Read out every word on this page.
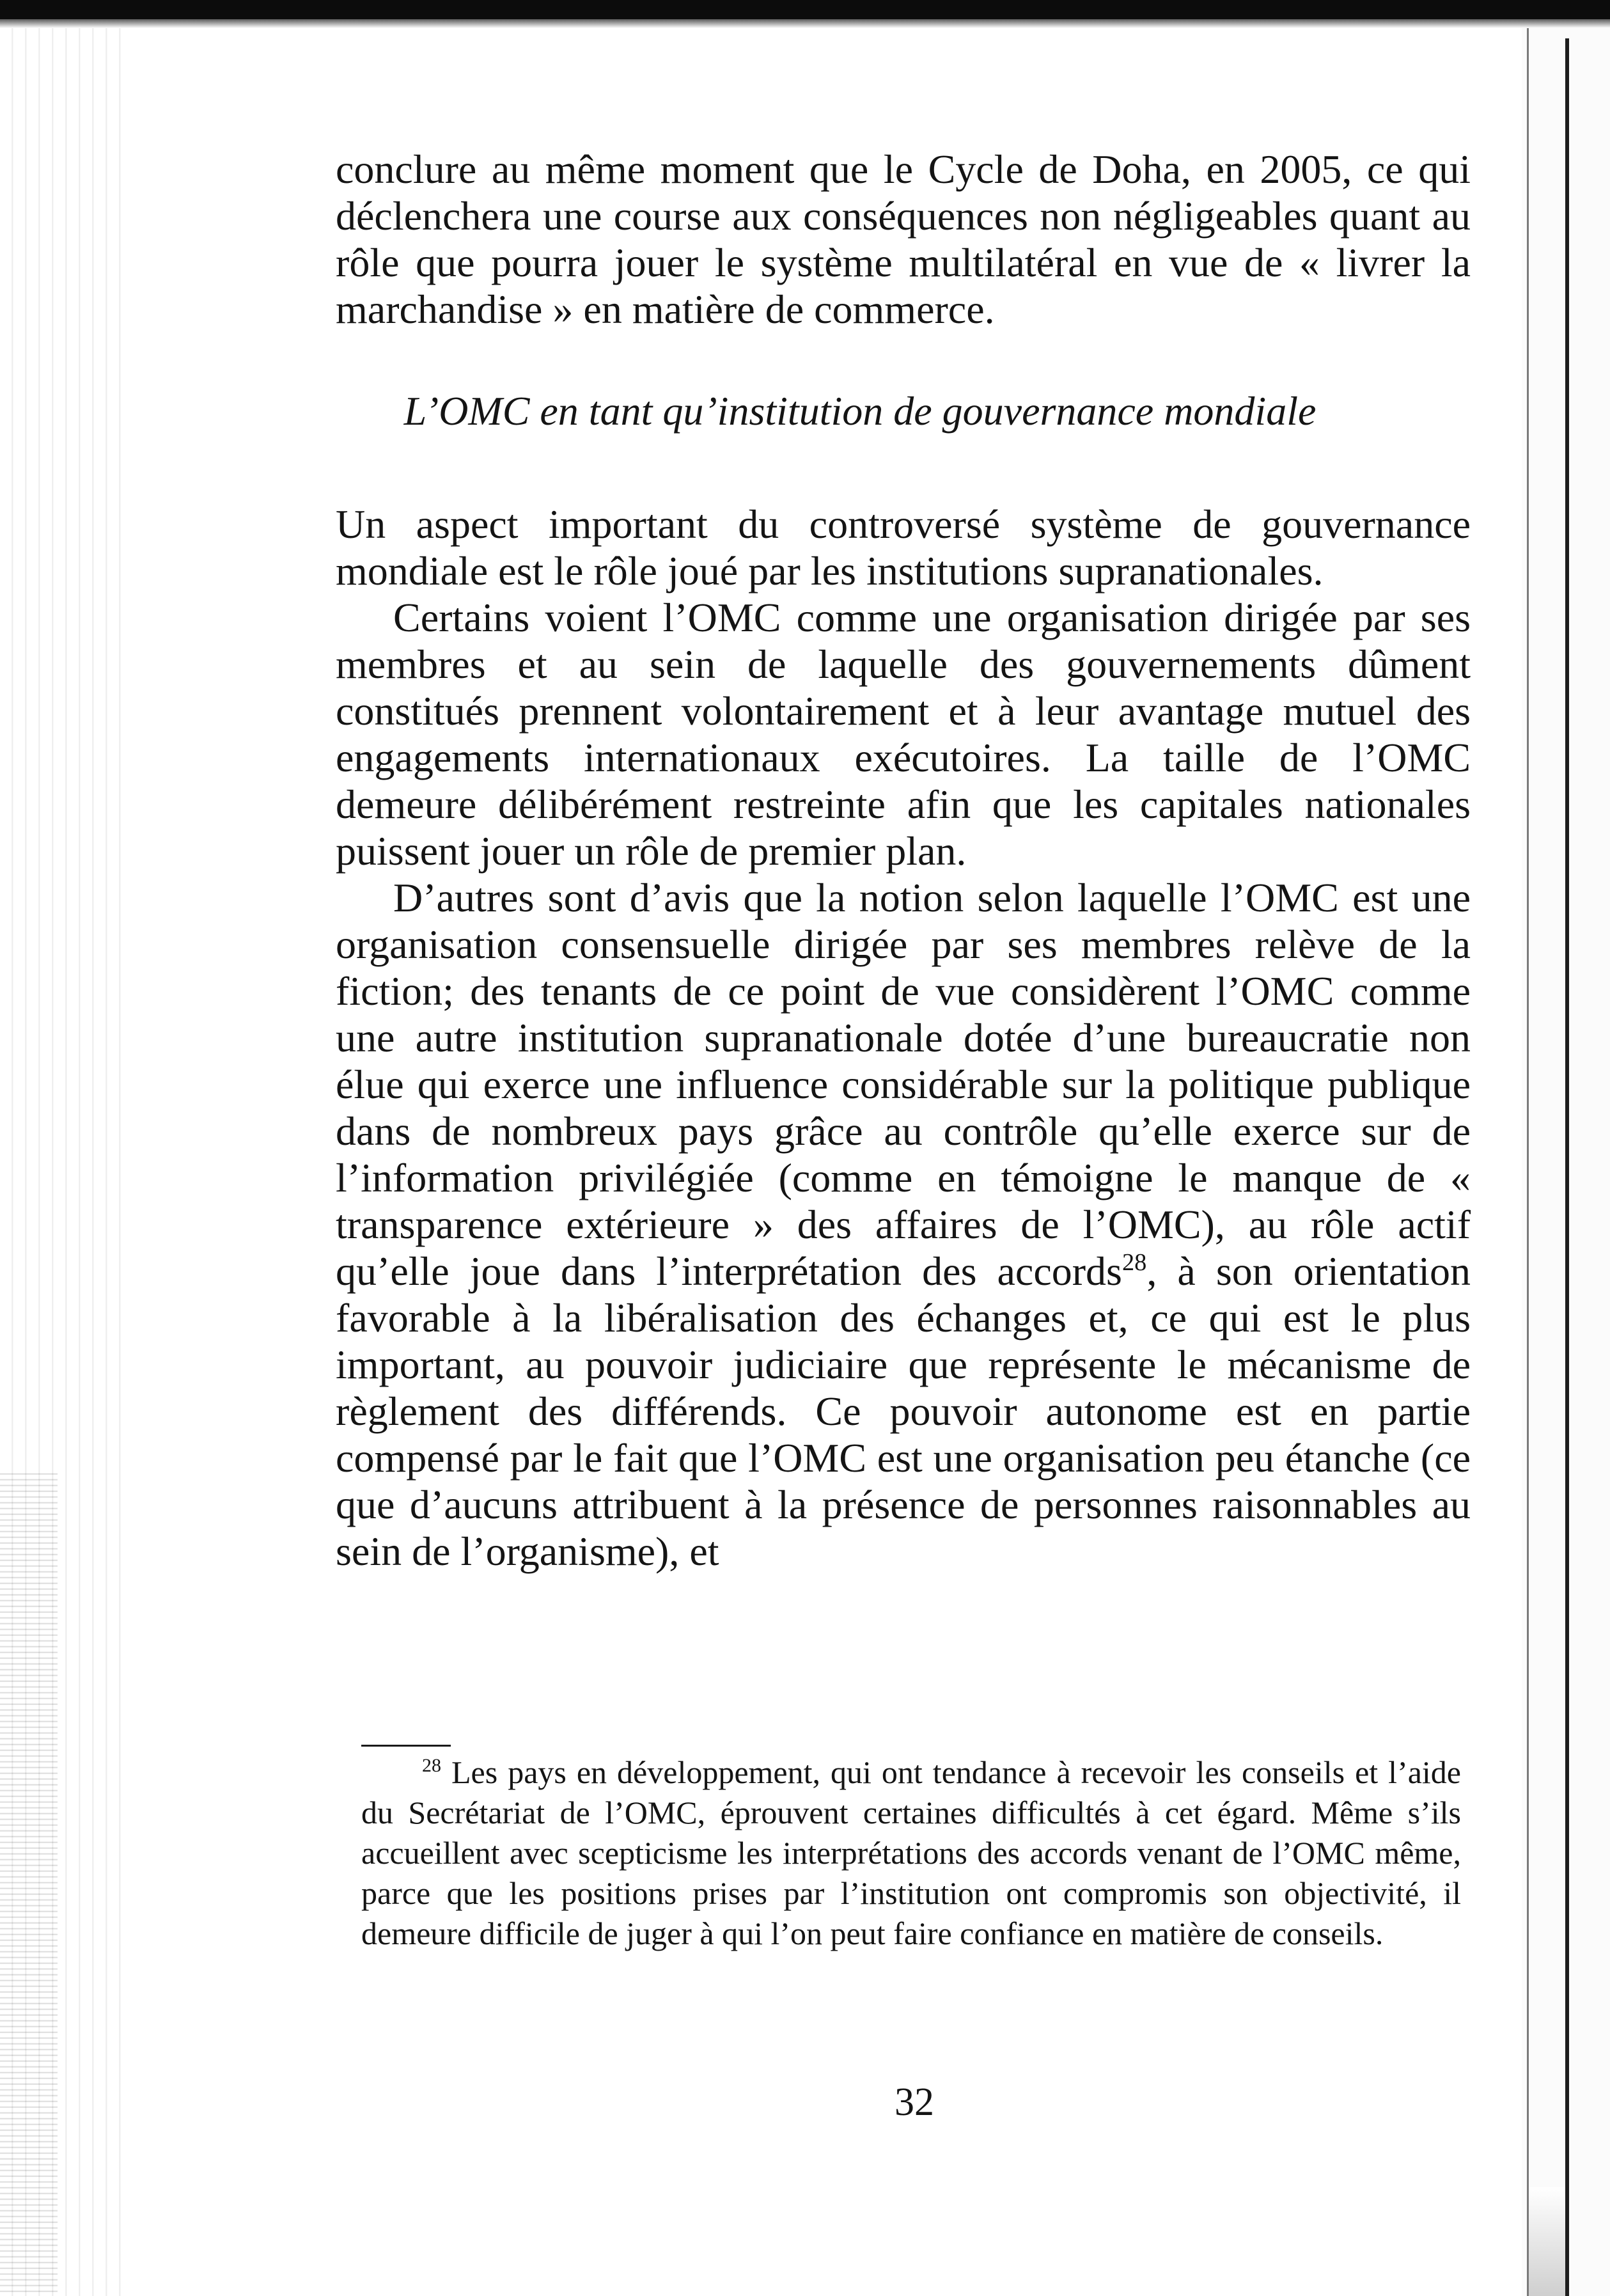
conclure au même moment que le Cycle de Doha, en 2005, ce qui déclenchera une course aux conséquences non négligeables quant au rôle que pourra jouer le système multilatéral en vue de « livrer la marchandise » en matière de commerce.

L’OMC en tant qu’institution de gouvernance mondiale

Un aspect important du controversé système de gouvernance mondiale est le rôle joué par les institutions supranationales.

Certains voient l’OMC comme une organisation dirigée par ses membres et au sein de laquelle des gouvernements dûment constitués prennent volontairement et à leur avantage mutuel des engagements internationaux exécutoires. La taille de l’OMC demeure délibérément restreinte afin que les capitales nationales puissent jouer un rôle de premier plan.

D’autres sont d’avis que la notion selon laquelle l’OMC est une organisation consensuelle dirigée par ses membres relève de la fiction; des tenants de ce point de vue considèrent l’OMC comme une autre institution supranationale dotée d’une bureaucratie non élue qui exerce une influence considérable sur la politique publique dans de nombreux pays grâce au contrôle qu’elle exerce sur de l’information privilégiée (comme en témoigne le manque de « transparence extérieure » des affaires de l’OMC), au rôle actif qu’elle joue dans l’interprétation des accords$^{28}$, à son orientation favorable à la libéralisation des échanges et, ce qui est le plus important, au pouvoir judiciaire que représente le mécanisme de règlement des différends. Ce pouvoir autonome est en partie compensé par le fait que l’OMC est une organisation peu étanche (ce que d’aucuns attribuent à la présence de personnes raisonnables au sein de l’organisme), et

$^{28}$ Les pays en développement, qui ont tendance à recevoir les conseils et l’aide du Secrétariat de l’OMC, éprouvent certaines difficultés à cet égard. Même s’ils accueillent avec scepticisme les interprétations des accords venant de l’OMC même, parce que les positions prises par l’institution ont compromis son objectivité, il demeure difficile de juger à qui l’on peut faire confiance en matière de conseils.
32
